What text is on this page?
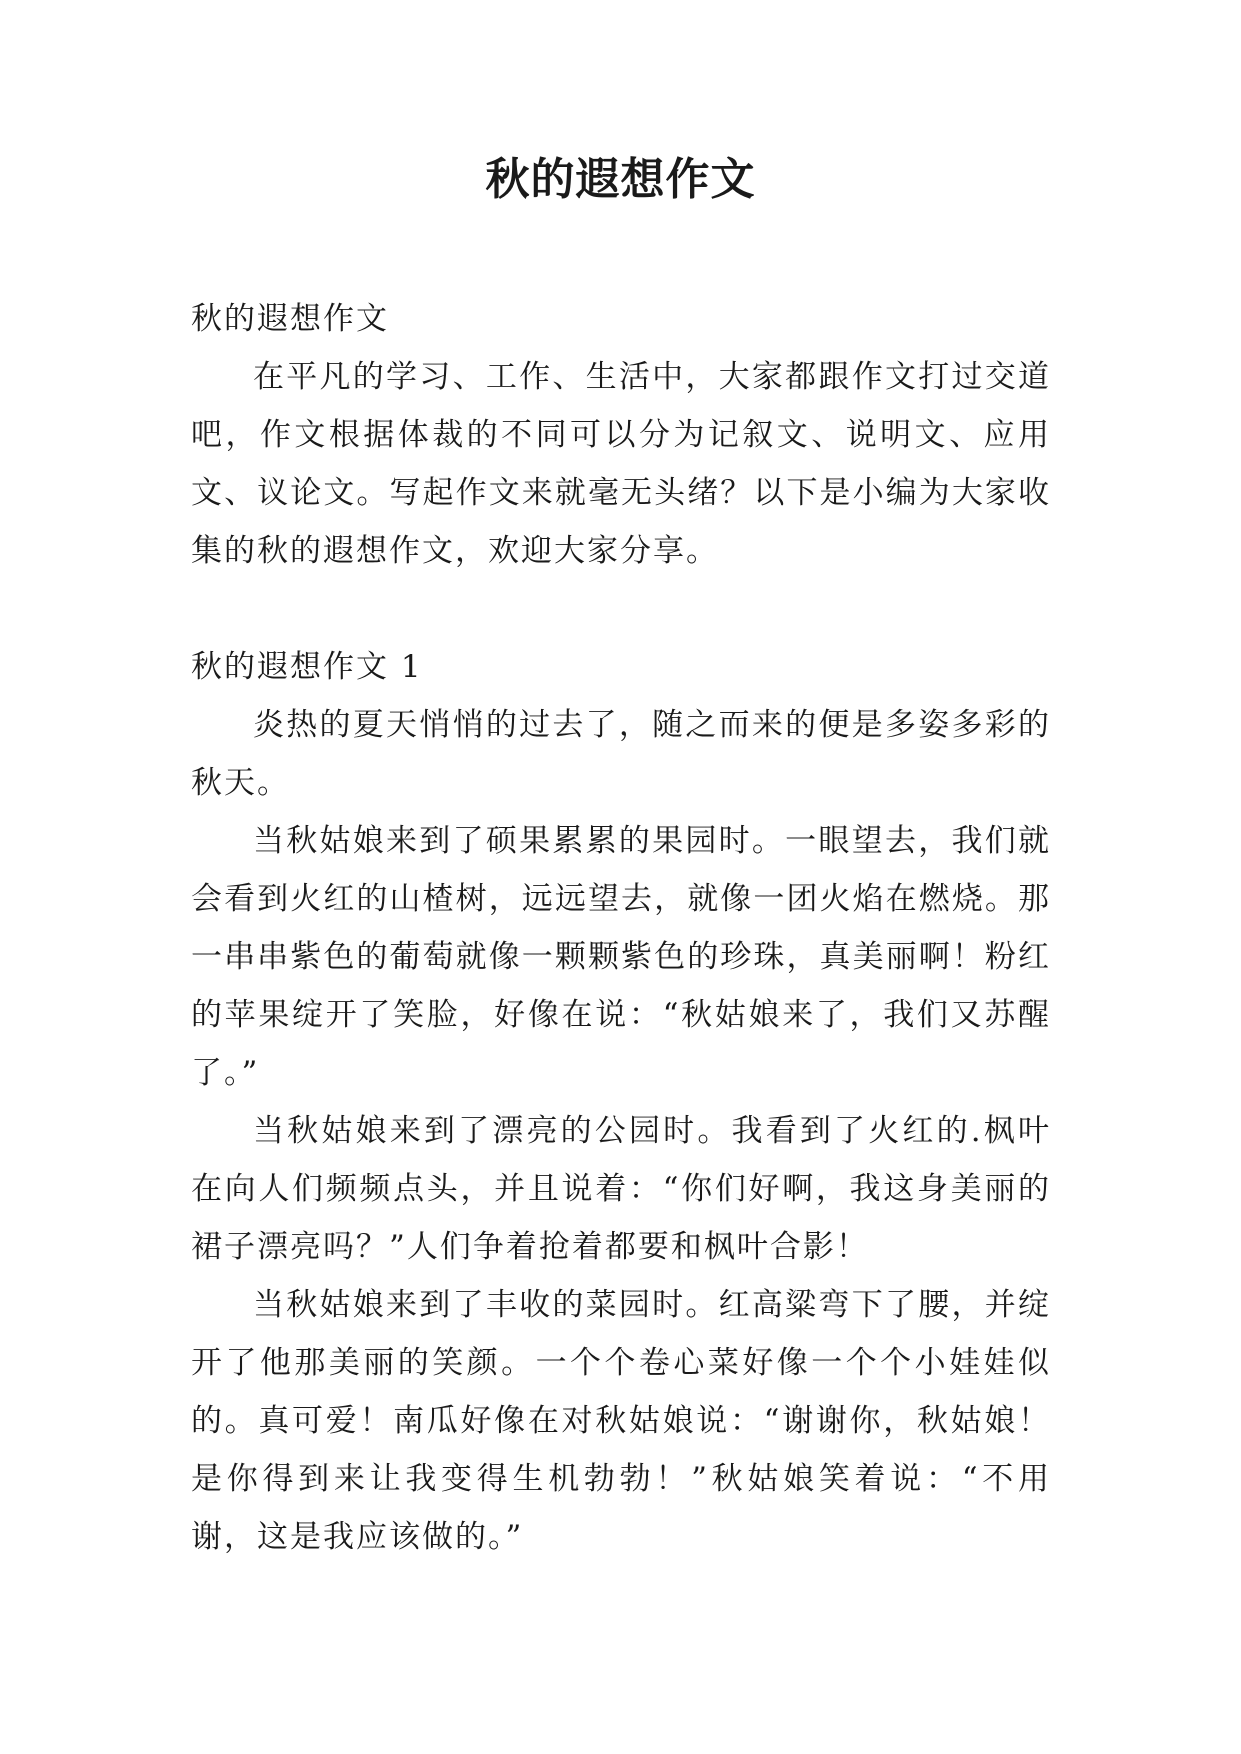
秋的遐想作文

秋的遐想作文

在平凡的学习、工作、生活中，大家都跟作文打过交道吧，作文根据体裁的不同可以分为记叙文、说明文、应用文、议论文。写起作文来就毫无头绪？以下是小编为大家收集的秋的遐想作文，欢迎大家分享。

秋的遐想作文 1

炎热的夏天悄悄的过去了，随之而来的便是多姿多彩的秋天。

当秋姑娘来到了硕果累累的果园时。一眼望去，我们就会看到火红的山楂树，远远望去，就像一团火焰在燃烧。那一串串紫色的葡萄就像一颗颗紫色的珍珠，真美丽啊！粉红的苹果绽开了笑脸，好像在说：“秋姑娘来了，我们又苏醒了。”

当秋姑娘来到了漂亮的公园时。我看到了火红的.枫叶在向人们频频点头，并且说着：“你们好啊，我这身美丽的裙子漂亮吗？”人们争着抢着都要和枫叶合影！

当秋姑娘来到了丰收的菜园时。红高粱弯下了腰，并绽开了他那美丽的笑颜。一个个卷心菜好像一个个小娃娃似的。真可爱！南瓜好像在对秋姑娘说：“谢谢你，秋姑娘！是你得到来让我变得生机勃勃！”秋姑娘笑着说：“不用谢，这是我应该做的。”
